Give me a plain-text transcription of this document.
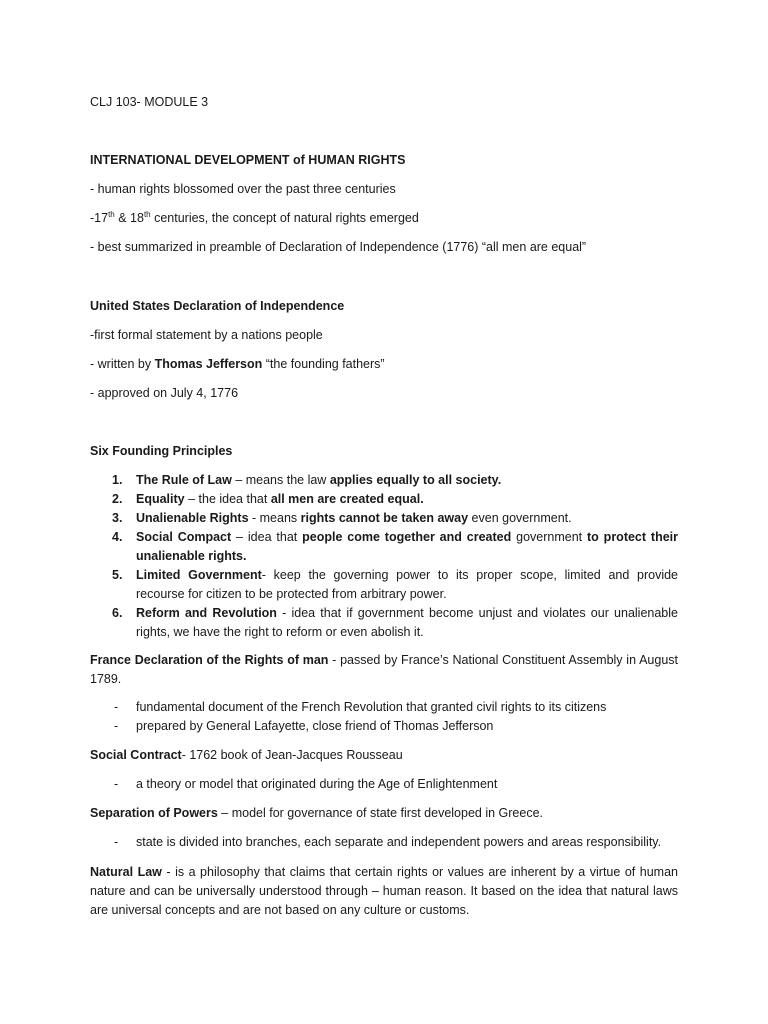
CLJ 103- MODULE 3

INTERNATIONAL DEVELOPMENT of HUMAN RIGHTS

- human rights blossomed over the past three centuries

-17th & 18th centuries, the concept of natural rights emerged

- best summarized in preamble of Declaration of Independence (1776) “all men are equal”

United States Declaration of Independence

-first formal statement by a nations people

- written by Thomas Jefferson “the founding fathers”

- approved on July 4, 1776

Six Founding Principles

1. The Rule of Law – means the law applies equally to all society.
2. Equality – the idea that all men are created equal.
3. Unalienable Rights - means rights cannot be taken away even government.
4. Social Compact – idea that people come together and created government to protect their unalienable rights.
5. Limited Government- keep the governing power to its proper scope, limited and provide recourse for citizen to be protected from arbitrary power.
6. Reform and Revolution - idea that if government become unjust and violates our unalienable rights, we have the right to reform or even abolish it.

France Declaration of the Rights of man - passed by France’s National Constituent Assembly in August 1789.

- fundamental document of the French Revolution that granted civil rights to its citizens
- prepared by General Lafayette, close friend of Thomas Jefferson

Social Contract- 1762 book of Jean-Jacques Rousseau

- a theory or model that originated during the Age of Enlightenment

Separation of Powers – model for governance of state first developed in Greece.

- state is divided into branches, each separate and independent powers and areas responsibility.

Natural Law - is a philosophy that claims that certain rights or values are inherent by a virtue of human nature and can be universally understood through – human reason. It based on the idea that natural laws are universal concepts and are not based on any culture or customs.
